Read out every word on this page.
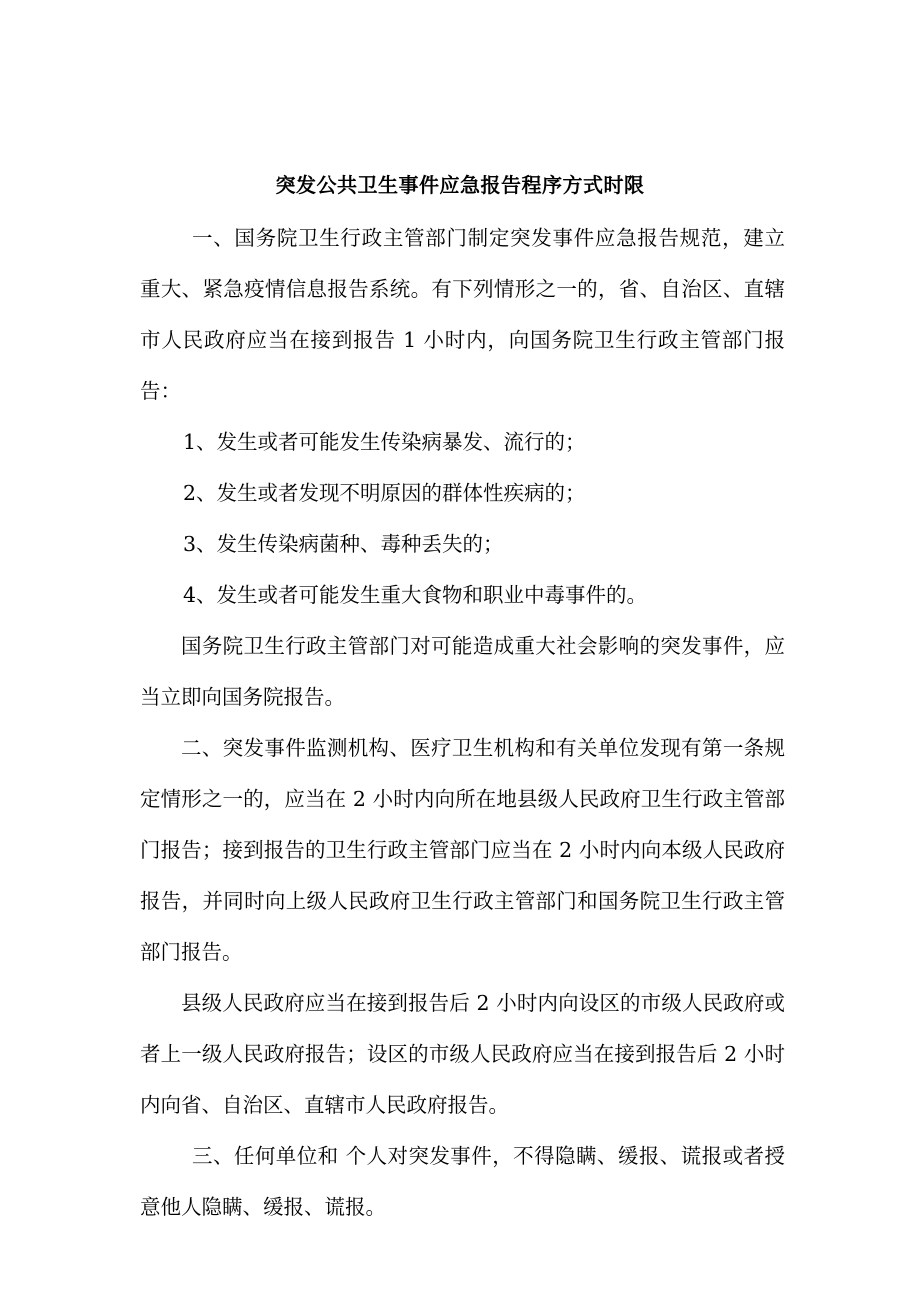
突发公共卫生事件应急报告程序方式时限

一、国务院卫生行政主管部门制定突发事件应急报告规范，建立重大、紧急疫情信息报告系统。有下列情形之一的，省、自治区、直辖市人民政府应当在接到报告 1 小时内，向国务院卫生行政主管部门报告：

1、发生或者可能发生传染病暴发、流行的；

2、发生或者发现不明原因的群体性疾病的；

3、发生传染病菌种、毒种丢失的；

4、发生或者可能发生重大食物和职业中毒事件的。

国务院卫生行政主管部门对可能造成重大社会影响的突发事件，应当立即向国务院报告。

二、突发事件监测机构、医疗卫生机构和有关单位发现有第一条规定情形之一的，应当在 2 小时内向所在地县级人民政府卫生行政主管部门报告；接到报告的卫生行政主管部门应当在 2 小时内向本级人民政府报告，并同时向上级人民政府卫生行政主管部门和国务院卫生行政主管部门报告。

县级人民政府应当在接到报告后 2 小时内向设区的市级人民政府或者上一级人民政府报告；设区的市级人民政府应当在接到报告后 2 小时内向省、自治区、直辖市人民政府报告。

三、任何单位和 个人对突发事件，不得隐瞒、缓报、谎报或者授意他人隐瞒、缓报、谎报。
